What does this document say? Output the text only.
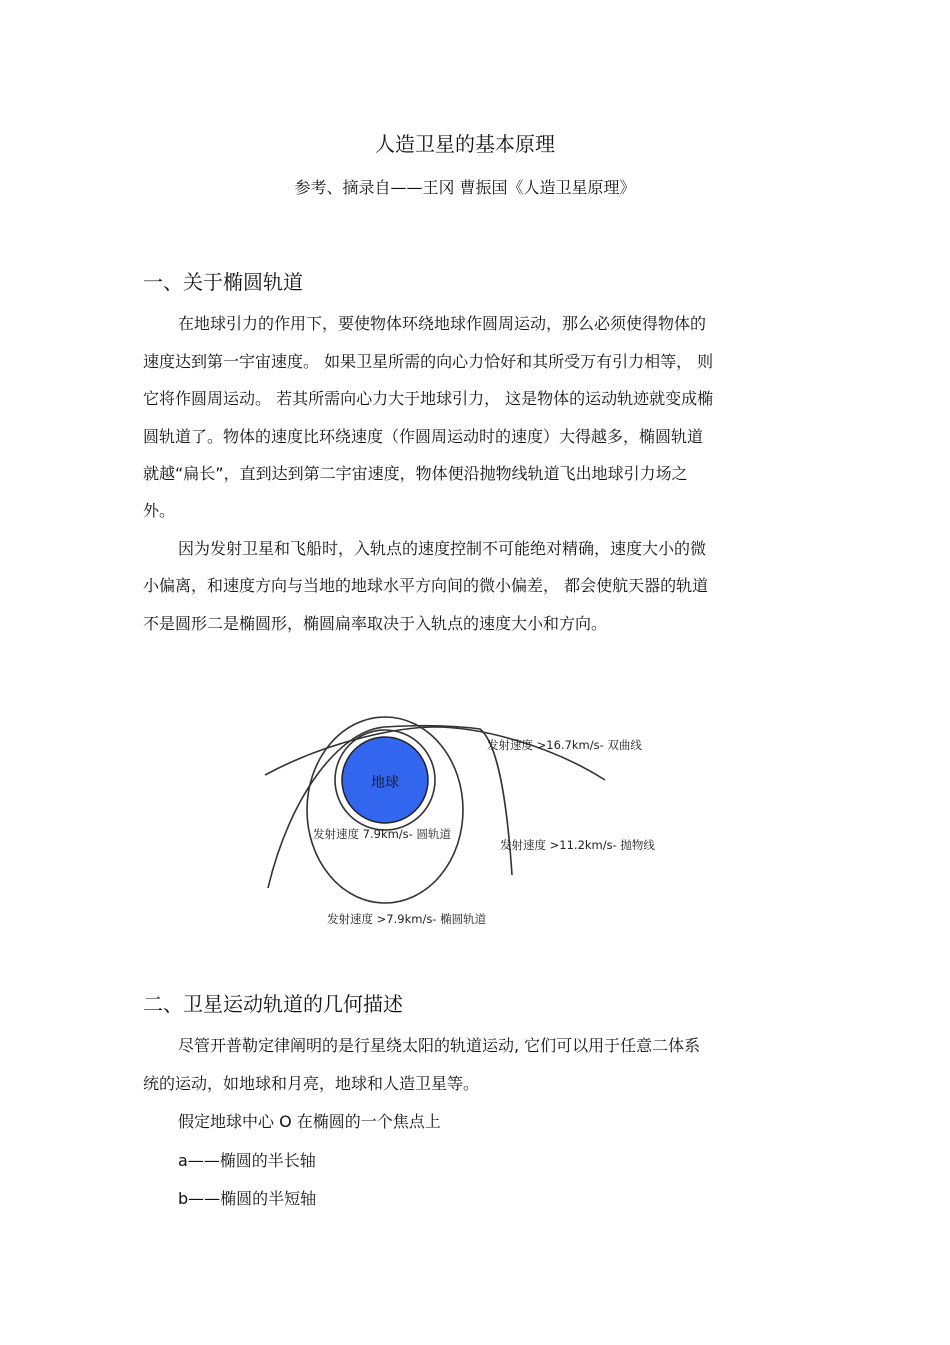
人造卫星的基本原理
参考、摘录自——王冈 曹振国《人造卫星原理》
一、关于椭圆轨道
在地球引力的作用下，要使物体环绕地球作圆周运动，那么必须使得物体的
速度达到第一宇宙速度。 如果卫星所需的向心力恰好和其所受万有引力相等， 则
它将作圆周运动。 若其所需向心力大于地球引力， 这是物体的运动轨迹就变成椭
圆轨道了。物体的速度比环绕速度（作圆周运动时的速度）大得越多，椭圆轨道
就越“扁长”，直到达到第二宇宙速度，物体便沿抛物线轨道飞出地球引力场之
外。
因为发射卫星和飞船时，入轨点的速度控制不可能绝对精确，速度大小的微
小偏离，和速度方向与当地的地球水平方向间的微小偏差， 都会使航天器的轨道
不是圆形二是椭圆形，椭圆扁率取决于入轨点的速度大小和方向。
地球
发射速度 >16.7km/s- 双曲线
发射速度 7.9km/s- 圆轨道
发射速度 >11.2km/s- 抛物线
发射速度 >7.9km/s- 椭圆轨道
二、卫星运动轨道的几何描述
尽管开普勒定律阐明的是行星绕太阳的轨道运动, 它们可以用于任意二体系
统的运动，如地球和月亮，地球和人造卫星等。
假定地球中心 O 在椭圆的一个焦点上
a——椭圆的半长轴
b——椭圆的半短轴
